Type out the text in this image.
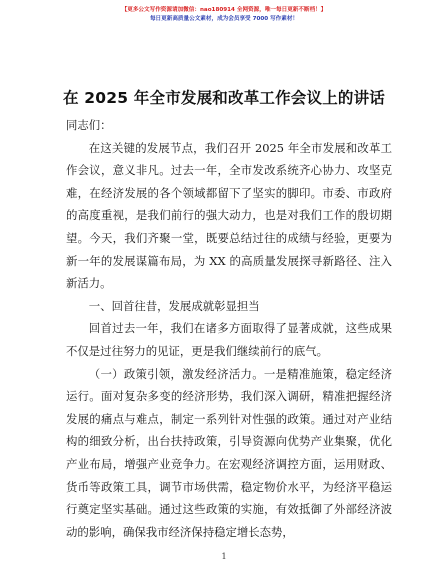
【更多公文写作资源请加微信：nao180914 全网资源，唯一每日更新不断档！】
每日更新高质量公文素材，成为会员享受 7000 写作素材！
在 2025 年全市发展和改革工作会议上的讲话

同志们：

在这关键的发展节点，我们召开 2025 年全市发展和改革工作会议，意义非凡。过去一年，全市发改系统齐心协力、攻坚克难，在经济发展的各个领域都留下了坚实的脚印。市委、市政府的高度重视，是我们前行的强大动力，也是对我们工作的殷切期望。今天，我们齐聚一堂，既要总结过往的成绩与经验，更要为新一年的发展谋篇布局，为 XX 的高质量发展探寻新路径、注入新活力。

一、回首往昔，发展成就彰显担当

回首过去一年，我们在诸多方面取得了显著成就，这些成果不仅是过往努力的见证，更是我们继续前行的底气。

（一）政策引领，激发经济活力。一是精准施策，稳定经济运行。面对复杂多变的经济形势，我们深入调研，精准把握经济发展的痛点与难点，制定一系列针对性强的政策。通过对产业结构的细致分析，出台扶持政策，引导资源向优势产业集聚，优化产业布局，增强产业竞争力。在宏观经济调控方面，运用财政、货币等政策工具，调节市场供需，稳定物价水平，为经济平稳运行奠定坚实基础。通过这些政策的实施，有效抵御了外部经济波动的影响，确保我市经济保持稳定增长态势，

1
